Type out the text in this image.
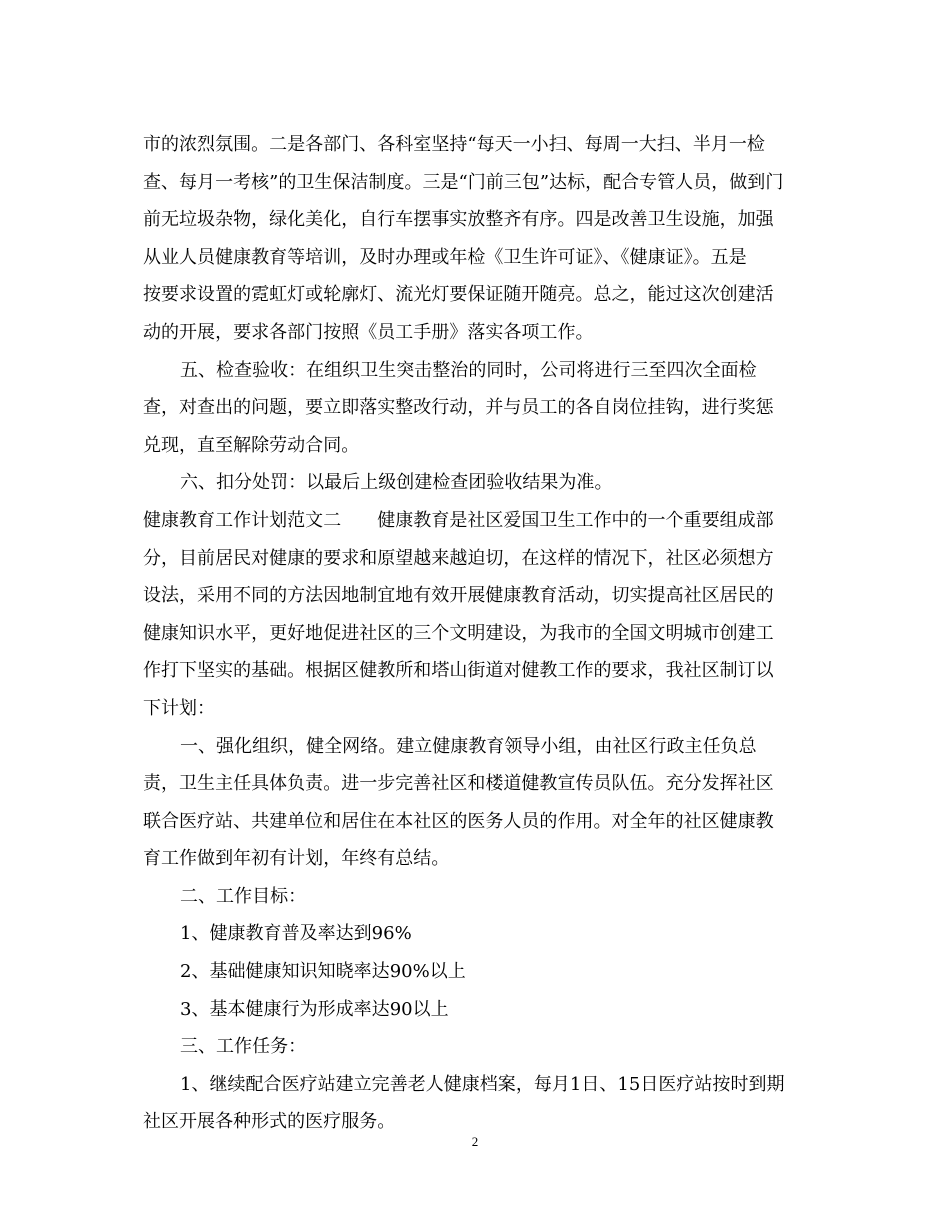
市的浓烈氛围。二是各部门、各科室坚持“每天一小扫、每周一大扫、半月一检
查、每月一考核”的卫生保洁制度。三是“门前三包”达标，配合专管人员，做到门
前无垃圾杂物，绿化美化，自行车摆事实放整齐有序。四是改善卫生设施，加强
从业人员健康教育等培训，及时办理或年检《卫生许可证》、《健康证》。五是
按要求设置的霓虹灯或轮廓灯、流光灯要保证随开随亮。总之，能过这次创建活
动的开展，要求各部门按照《员工手册》落实各项工作。
五、检查验收：在组织卫生突击整治的同时，公司将进行三至四次全面检
查，对查出的问题，要立即落实整改行动，并与员工的各自岗位挂钩，进行奖惩
兑现，直至解除劳动合同。
六、扣分处罚：以最后上级创建检查团验收结果为准。
健康教育工作计划范文二　　健康教育是社区爱国卫生工作中的一个重要组成部
分，目前居民对健康的要求和原望越来越迫切，在这样的情况下，社区必须想方
设法，采用不同的方法因地制宜地有效开展健康教育活动，切实提高社区居民的
健康知识水平，更好地促进社区的三个文明建设，为我市的全国文明城市创建工
作打下坚实的基础。根据区健教所和塔山街道对健教工作的要求，我社区制订以
下计划：
一、强化组织，健全网络。建立健康教育领导小组，由社区行政主任负总
责，卫生主任具体负责。进一步完善社区和楼道健教宣传员队伍。充分发挥社区
联合医疗站、共建单位和居住在本社区的医务人员的作用。对全年的社区健康教
育工作做到年初有计划，年终有总结。
二、工作目标：
1、健康教育普及率达到96%
2、基础健康知识知晓率达90%以上
3、基本健康行为形成率达90以上
三、工作任务：
1、继续配合医疗站建立完善老人健康档案，每月1日、15日医疗站按时到期
社区开展各种形式的医疗服务。
2
